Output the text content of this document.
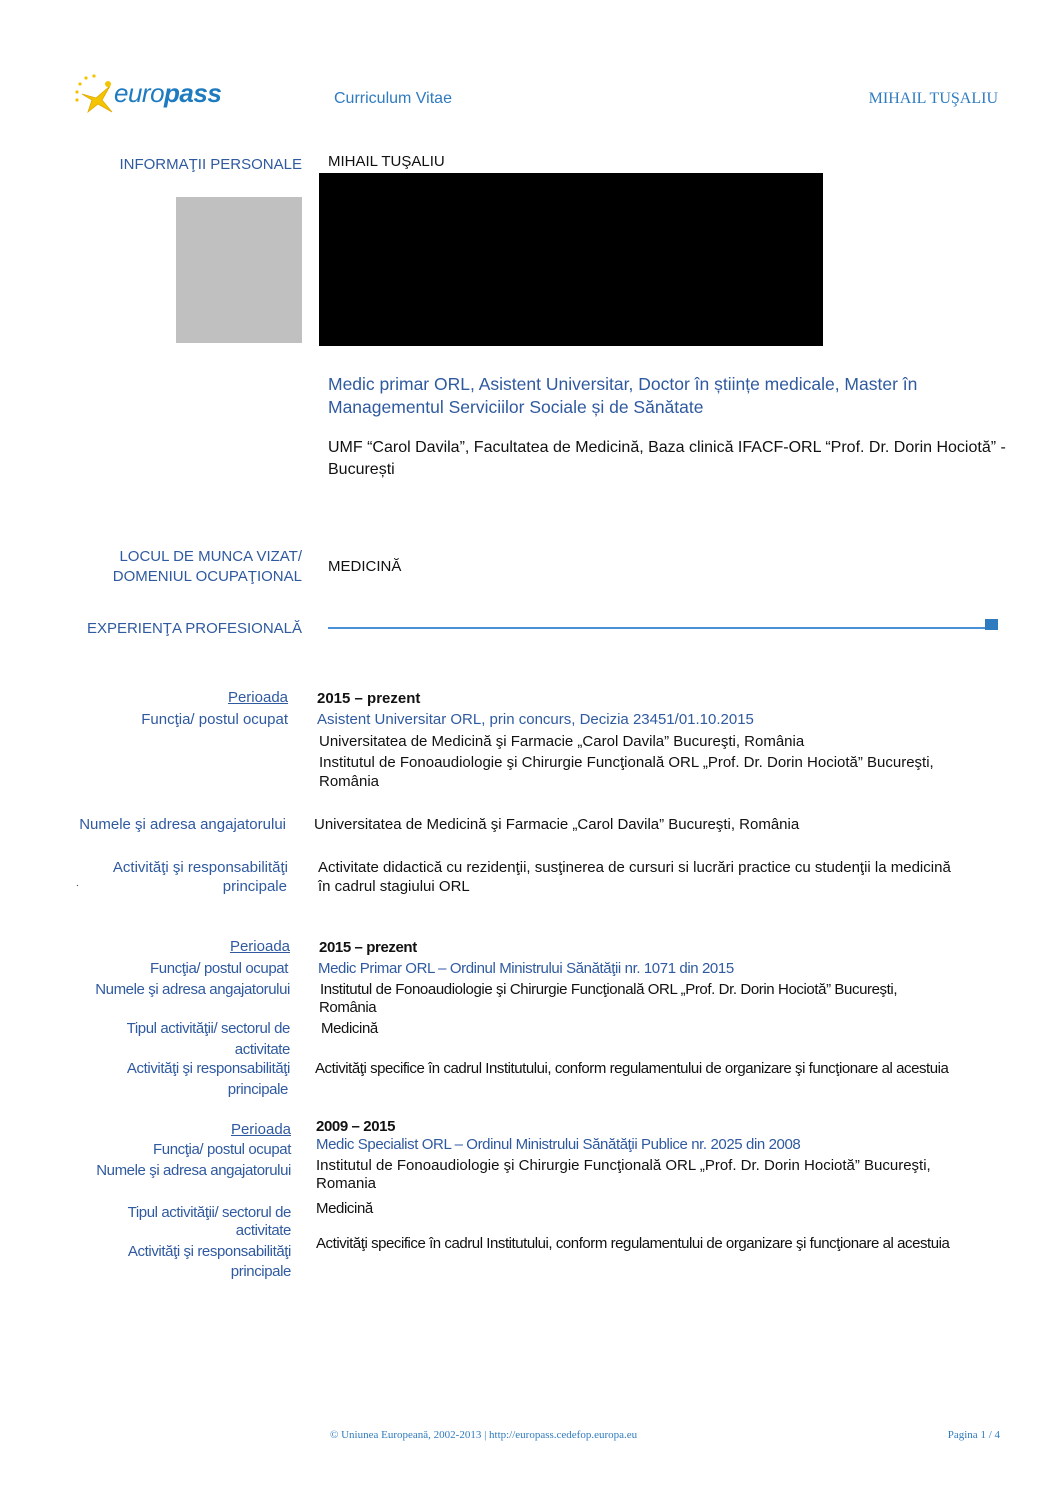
europass	Curriculum Vitae	MIHAIL TUŞALIU
INFORMAŢII PERSONALE MIHAIL TUŞALIU
Medic primar ORL, Asistent Universitar, Doctor în științe medicale, Master în Managementul Serviciilor Sociale și de Sănătate
UMF “Carol Davila”, Facultatea de Medicină, Baza clinică IFACF-ORL “Prof. Dr. Dorin Hociotă” - București
LOCUL DE MUNCA VIZAT/
DOMENIUL OCUPAŢIONAL
MEDICINĂ
EXPERIENŢA PROFESIONALĂ
Perioada 2015 – prezent
Funcţia/ postul ocupat Asistent Universitar ORL, prin concurs, Decizia 23451/01.10.2015
Universitatea de Medicină şi Farmacie „Carol Davila” Bucureşti, România
Institutul de Fonoaudiologie şi Chirurgie Funcţională ORL „Prof. Dr. Dorin Hociotă” Bucureşti,
România
Numele şi adresa angajatorului Universitatea de Medicină şi Farmacie „Carol Davila” Bucureşti, România
Activităţi şi responsabilităţi
principale
.
Activitate didactică cu rezidenţii, susţinerea de cursuri si lucrări practice cu studenţii la medicină
în cadrul stagiului ORL
Perioada 2015 – prezent
Funcţia/ postul ocupat Medic Primar ORL – Ordinul Ministrului Sănătăţii nr. 1071 din 2015
Numele şi adresa angajatorului Institutul de Fonoaudiologie şi Chirurgie Funcţională ORL „Prof. Dr. Dorin Hociotă” Bucureşti,
România
Tipul activităţii/ sectorul de
activitate
Medicină
Activităţi şi responsabilităţi
principale
Activităţi specifice în cadrul Institutului, conform regulamentului de organizare şi funcţionare al acestuia
Perioada 2009 – 2015
Funcţia/ postul ocupat Medic Specialist ORL – Ordinul Ministrului Sănătăţii Publice nr. 2025 din 2008
Numele şi adresa angajatorului Institutul de Fonoaudiologie şi Chirurgie Funcţională ORL „Prof. Dr. Dorin Hociotă” Bucureşti,
Romania
Tipul activităţii/ sectorul de
activitate
Medicină
Activităţi şi responsabilităţi
principale
Activităţi specifice în cadrul Institutului, conform regulamentului de organizare şi funcţionare al acestuia
© Uniunea Europeană, 2002-2013 | http://europass.cedefop.europa.eu	Pagina 1 / 4
